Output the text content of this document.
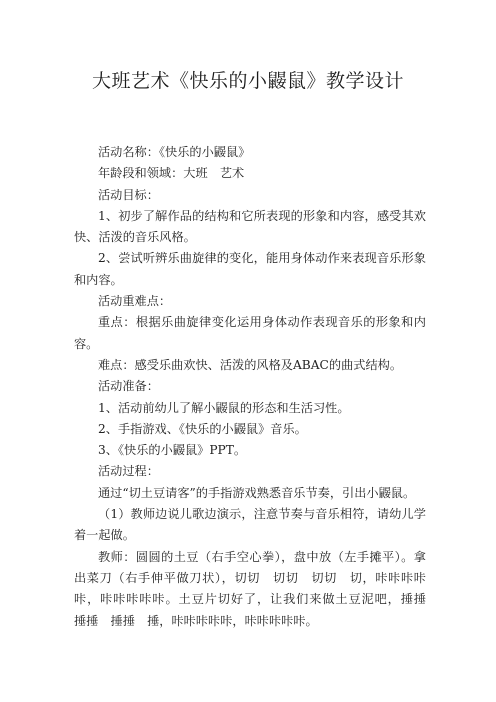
大班艺术《快乐的小鼹鼠》教学设计

活动名称：《快乐的小鼹鼠》

年龄段和领域：大班　艺术

活动目标：

1、初步了解作品的结构和它所表现的形象和内容，感受其欢快、活泼的音乐风格。

2、尝试听辨乐曲旋律的变化，能用身体动作来表现音乐形象和内容。

活动重难点：

重点：根据乐曲旋律变化运用身体动作表现音乐的形象和内容。

难点：感受乐曲欢快、活泼的风格及ABAC的曲式结构。

活动准备：

1、活动前幼儿了解小鼹鼠的形态和生活习性。

2、手指游戏、《快乐的小鼹鼠》音乐。

3、《快乐的小鼹鼠》PPT。

活动过程：

通过“切土豆请客”的手指游戏熟悉音乐节奏，引出小鼹鼠。

（1）教师边说儿歌边演示，注意节奏与音乐相符，请幼儿学着一起做。

教师：圆圆的土豆（右手空心拳），盘中放（左手摊平）。拿出菜刀（右手伸平做刀状），切切　切切　切切　切，咔咔咔咔咔，咔咔咔咔咔。土豆片切好了，让我们来做土豆泥吧，捶捶　捶捶　捶捶　捶，咔咔咔咔咔，咔咔咔咔咔。
